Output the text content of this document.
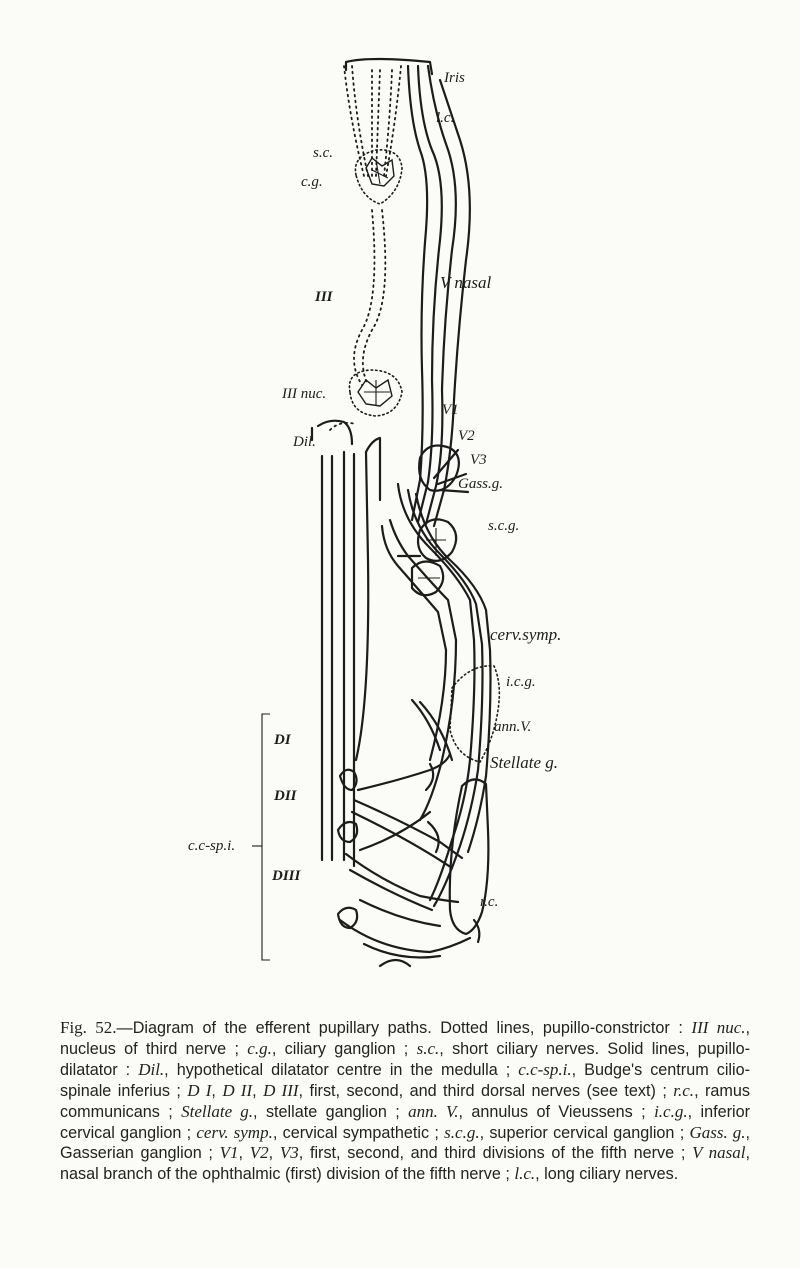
Iris
l.c.
s.c.
c.g.
III
V nasal
III nuc.
Dil.
V1
V2
V3
Gass.g.
s.c.g.
cerv.symp.
i.c.g.
ann.V.
Stellate g.
DI
DII
DIII
c.c-sp.i.
r.c.
Fig. 52.—Diagram of the efferent pupillary paths. Dotted lines, pupillo-constrictor : III nuc., nucleus of third nerve ; c.g., ciliary ganglion ; s.c., short ciliary nerves. Solid lines, pupillo-dilatator : Dil., hypothetical dilatator centre in the medulla ; c.c-sp.i., Budge's centrum cilio-spinale inferius ; D I, D II, D III, first, second, and third dorsal nerves (see text) ; r.c., ramus communicans ; Stellate g., stellate ganglion ; ann. V., annulus of Vieussens ; i.c.g., inferior cervical ganglion ; cerv. symp., cervical sympathetic ; s.c.g., superior cervical ganglion ; Gass. g., Gasserian ganglion ; V1, V2, V3, first, second, and third divisions of the fifth nerve ; V nasal, nasal branch of the ophthalmic (first) division of the fifth nerve ; l.c., long ciliary nerves.
